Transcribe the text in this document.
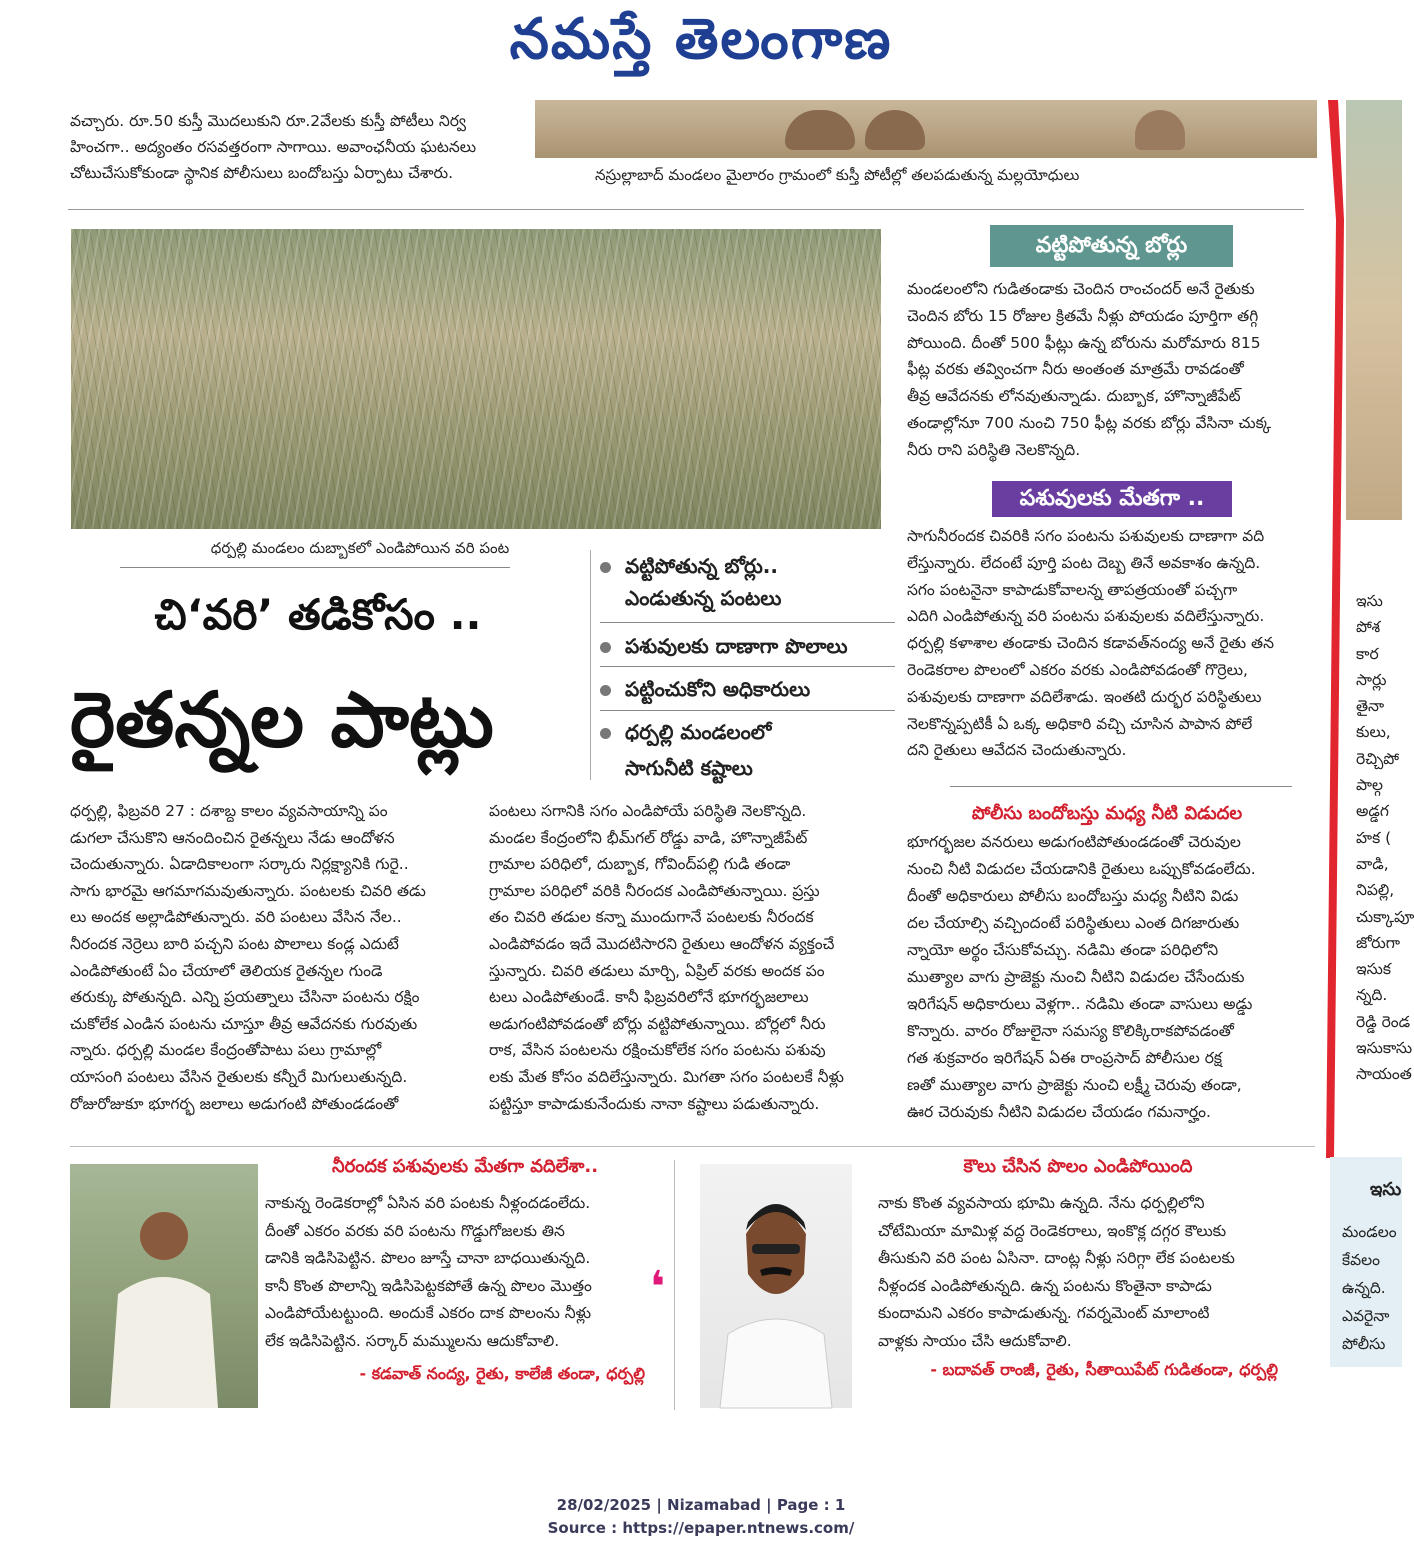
నమస్తే తెలంగాణ

వచ్చారు. రూ.50 కుస్తీ మొదలుకుని రూ.2వేలకు కుస్తీ పోటీలు నిర్వ
హించగా.. అద్యంతం రసవత్తరంగా సాగాయి. అవాంఛనీయ ఘటనలు
చోటుచేసుకోకుండా స్థానిక పోలీసులు బందోబస్తు ఏర్పాటు చేశారు.	నస్రుల్లాబాద్ మండలం మైలారం గ్రామంలో కుస్తీ పోటీల్లో తలపడుతున్న మల్లయోధులు
ధర్పల్లి మండలం దుబ్బాకలో ఎండిపోయిన వరి పంట
చి‘వరి’ తడికోసం ..
రైతన్నల పాట్లు
వట్టిపోతున్న బోర్లు..
ఎండుతున్న పంటలు
పశువులకు దాణాగా పొలాలు
పట్టించుకోని అధికారులు
ధర్పల్లి మండలంలో
సాగునీటి కష్టాలు

ధర్పల్లి, ఫిబ్రవరి 27 : దశాబ్ద కాలం వ్యవసాయాన్ని పం
డుగలా చేసుకొని ఆనందించిన రైతన్నలు నేడు ఆందోళన
చెందుతున్నారు. ఏడాదికాలంగా సర్కారు నిర్లక్ష్యానికి గురై..
సాగు భారమై ఆగమాగమవుతున్నారు. పంటలకు చివరి తడు
లు అందక అల్లాడిపోతున్నారు. వరి పంటలు వేసిన నేల..
నీరందక నెర్రెలు బారి పచ్చని పంట పొలాలు కండ్ల ఎదుటే
ఎండిపోతుంటే ఏం చేయాలో తెలియక రైతన్నల గుండె
తరుక్కు పోతున్నది. ఎన్ని ప్రయత్నాలు చేసినా పంటను రక్షిం
చుకోలేక ఎండిన పంటను చూస్తూ తీవ్ర ఆవేదనకు గురవుతు
న్నారు. ధర్పల్లి మండల కేంద్రంతోపాటు పలు గ్రామాల్లో
యాసంగి పంటలు వేసిన రైతులకు కన్నీరే మిగులుతున్నది.
రోజురోజుకూ భూగర్భ జలాలు అడుగంటి పోతుండడంతో

పంటలు సగానికి సగం ఎండిపోయే పరిస్థితి నెలకొన్నది.
మండల కేంద్రంలోని భీమ్‌గల్ రోడ్డు వాడి, హొన్నాజీపేట్
గ్రామాల పరిధిలో, దుబ్బాక, గోవింద్‌పల్లి గుడి తండా
గ్రామాల పరిధిలో వరికి నీరందక ఎండిపోతున్నాయి. ప్రస్తు
తం చివరి తడుల కన్నా ముందుగానే పంటలకు నీరందక
ఎండిపోవడం ఇదే మొదటిసారని రైతులు ఆందోళన వ్యక్తంచే
స్తున్నారు. చివరి తడులు మార్చి, ఏప్రిల్ వరకు అందక పం
టలు ఎండిపోతుండే. కానీ ఫిబ్రవరిలోనే భూగర్భజలాలు
అడుగంటిపోవడంతో బోర్లు వట్టిపోతున్నాయి. బోర్లలో నీరు
రాక, వేసిన పంటలను రక్షించుకోలేక సగం పంటను పశువు
లకు మేత కోసం వదిలేస్తున్నారు. మిగతా సగం పంటలకే నీళ్లు
పట్టిస్తూ కాపాడుకునేందుకు నానా కష్టాలు పడుతున్నారు.

వట్టిపోతున్న బోర్లు

మండలంలోని గుడితండాకు చెందిన రాంచందర్ అనే రైతుకు
చెందిన బోరు 15 రోజుల క్రితమే నీళ్లు పోయడం పూర్తిగా తగ్గి
పోయింది. దీంతో 500 ఫీట్లు ఉన్న బోరును మరోమారు 815
ఫీట్ల వరకు తవ్వించగా నీరు అంతంత మాత్రమే రావడంతో
తీవ్ర ఆవేదనకు లోనవుతున్నాడు. దుబ్బాక, హొన్నాజీపేట్
తండాల్లోనూ 700 నుంచి 750 ఫీట్ల వరకు బోర్లు వేసినా చుక్క
నీరు రాని పరిస్థితి నెలకొన్నది.

పశువులకు మేతగా ..

సాగునీరందక చివరికి సగం పంటను పశువులకు దాణాగా వది
లేస్తున్నారు. లేదంటే పూర్తి పంట దెబ్బ తినే అవకాశం ఉన్నది.
సగం పంటనైనా కాపాడుకోవాలన్న తాపత్రయంతో పచ్చగా
ఎదిగి ఎండిపోతున్న వరి పంటను పశువులకు వదిలేస్తున్నారు.
ధర్పల్లి కళాశాల తండాకు చెందిన కడావత్‌నంద్య అనే రైతు తన
రెండెకరాల పొలంలో ఎకరం వరకు ఎండిపోవడంతో గొర్రెలు,
పశువులకు దాణాగా వదిలేశాడు. ఇంతటి దుర్భర పరిస్థితులు
నెలకొన్నప్పటికీ ఏ ఒక్క అధికారి వచ్చి చూసిన పాపాన పోలే
దని రైతులు ఆవేదన చెందుతున్నారు.

పోలీసు బందోబస్తు మధ్య నీటి విడుదల

భూగర్భజల వనరులు అడుగంటిపోతుండడంతో చెరువుల
నుంచి నీటి విడుదల చేయడానికి రైతులు ఒప్పుకోవడంలేదు.
దీంతో అధికారులు పోలీసు బందోబస్తు మధ్య నీటిని విడు
దల చేయాల్సి వచ్చిందంటే పరిస్థితులు ఎంత దిగజారుతు
న్నాయో అర్థం చేసుకోవచ్చు. నడిమి తండా పరిధిలోని
ముత్యాల వాగు ప్రాజెక్టు నుంచి నీటిని విడుదల చేసేందుకు
ఇరిగేషన్ అధికారులు వెళ్లగా.. నడిమి తండా వాసులు అడ్డు
కొన్నారు. వారం రోజులైనా సమస్య కొలిక్కిరాకపోవడంతో
గత శుక్రవారం ఇరిగేషన్ ఏఈ రాంప్రసాద్ పోలీసుల రక్ష
ణతో ముత్యాల వాగు ప్రాజెక్టు నుంచి లక్ష్మీ చెరువు తండా,
ఊర చెరువుకు నీటిని విడుదల చేయడం గమనార్హం.

ఇసు
పోశ
కార
సార్లు
తైనా
కులు,
రెచ్చిపో
పాల్గ
అడ్డగ
హక (
వాడి,
నిపల్లి,
చుక్కాపూ
జోరుగా
ఇసుక
న్నది.
రెడ్డి రెండ
ఇసుకాసు
సాయంత
ఇసు
మండలం
కేవలం
ఉన్నది.
ఎవరైనా
పోలీసు
నీరందక పశువులకు మేతగా వదిలేశా..

నాకున్న రెండెకరాల్లో ఏసిన వరి పంటకు నీళ్లందడంలేదు.
దీంతో ఎకరం వరకు వరి పంటను గొడ్డుగోజలకు తిన
డానికి ఇడిసిపెట్టిన. పొలం జూస్తే చానా బాధయితున్నది.
కానీ కొంత పొలాన్ని ఇడిసిపెట్టకపోతే ఉన్న పొలం మొత్తం
ఎండిపోయేటట్టుంది. అందుకే ఎకరం దాక పొలంను నీళ్లు
లేక ఇడిసిపెట్టిన. సర్కార్ మమ్ములను ఆదుకోవాలి.

- కడవాత్ నంద్య, రైతు, కాలేజీ తండా, ధర్పల్లి
❛
కౌలు చేసిన పొలం ఎండిపోయింది

నాకు కొంత వ్యవసాయ భూమి ఉన్నది. నేను ధర్పల్లిలోని
చోటేమియా మామిళ్ల వద్ద రెండెకరాలు, ఇంకొక్ల దగ్గర కౌలుకు
తీసుకుని వరి పంట ఏసినా. దాంట్ల నీళ్లు సరిగ్గా లేక పంటలకు
నీళ్లందక ఎండిపోతున్నది. ఉన్న పంటను కొంతైనా కాపాడు
కుందామని ఎకరం కాపాడుతున్న. గవర్నమెంట్ మాలాంటి
వాళ్లకు సాయం చేసి ఆదుకోవాలి.

- బదావత్ రాంజీ, రైతు, సీతాయిపేట్ గుడితండా, ధర్పల్లి
28/02/2025 | Nizamabad | Page : 1
Source : https://epaper.ntnews.com/
